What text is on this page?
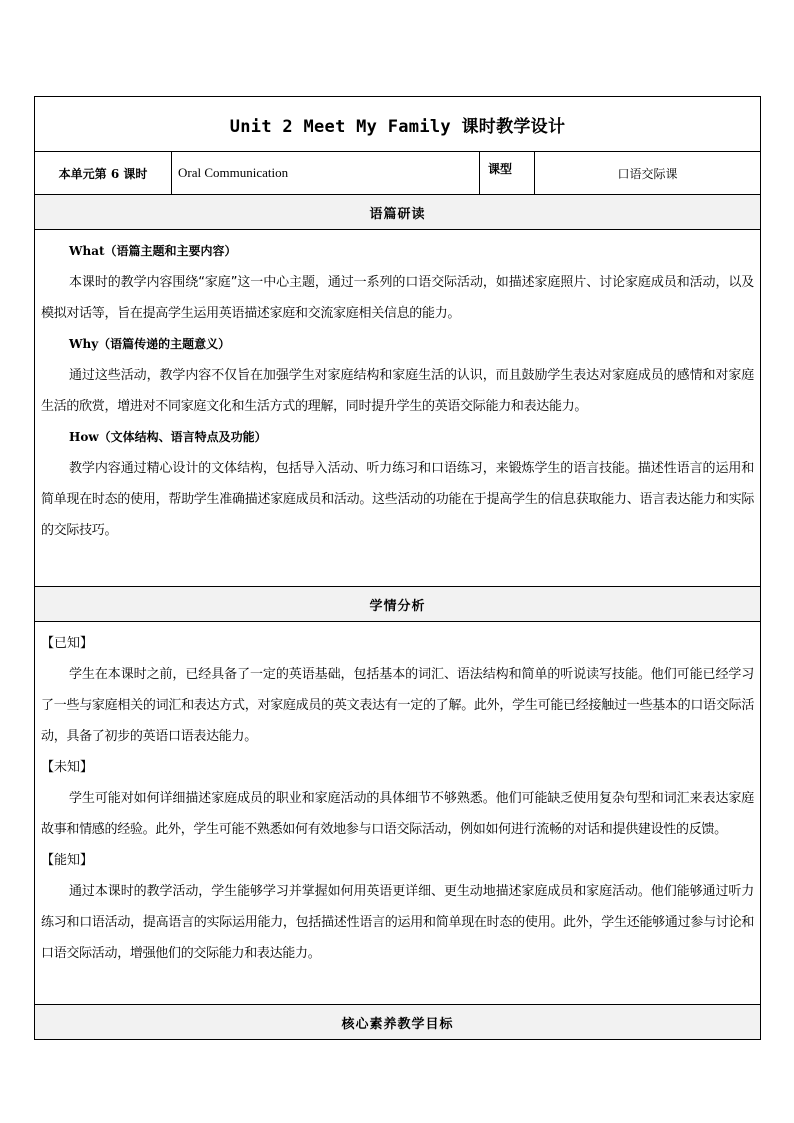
Unit 2 Meet My Family 课时教学设计
本单元第 6 课时	Oral Communication	课型	口语交际课
语篇研读

What（语篇主题和主要内容）

本课时的教学内容围绕“家庭”这一中心主题，通过一系列的口语交际活动，如描述家庭照片、讨论家庭成员和活动，以及模拟对话等，旨在提高学生运用英语描述家庭和交流家庭相关信息的能力。

Why（语篇传递的主题意义）

通过这些活动，教学内容不仅旨在加强学生对家庭结构和家庭生活的认识，而且鼓励学生表达对家庭成员的感情和对家庭生活的欣赏，增进对不同家庭文化和生活方式的理解，同时提升学生的英语交际能力和表达能力。

How（文体结构、语言特点及功能）

教学内容通过精心设计的文体结构，包括导入活动、听力练习和口语练习，来锻炼学生的语言技能。描述性语言的运用和简单现在时态的使用，帮助学生准确描述家庭成员和活动。这些活动的功能在于提高学生的信息获取能力、语言表达能力和实际的交际技巧。

学情分析

【已知】

学生在本课时之前，已经具备了一定的英语基础，包括基本的词汇、语法结构和简单的听说读写技能。他们可能已经学习了一些与家庭相关的词汇和表达方式，对家庭成员的英文表达有一定的了解。此外，学生可能已经接触过一些基本的口语交际活动，具备了初步的英语口语表达能力。

【未知】

学生可能对如何详细描述家庭成员的职业和家庭活动的具体细节不够熟悉。他们可能缺乏使用复杂句型和词汇来表达家庭故事和情感的经验。此外，学生可能不熟悉如何有效地参与口语交际活动，例如如何进行流畅的对话和提供建设性的反馈。

【能知】

通过本课时的教学活动，学生能够学习并掌握如何用英语更详细、更生动地描述家庭成员和家庭活动。他们能够通过听力练习和口语活动，提高语言的实际运用能力，包括描述性语言的运用和简单现在时态的使用。此外，学生还能够通过参与讨论和口语交际活动，增强他们的交际能力和表达能力。

核心素养教学目标
